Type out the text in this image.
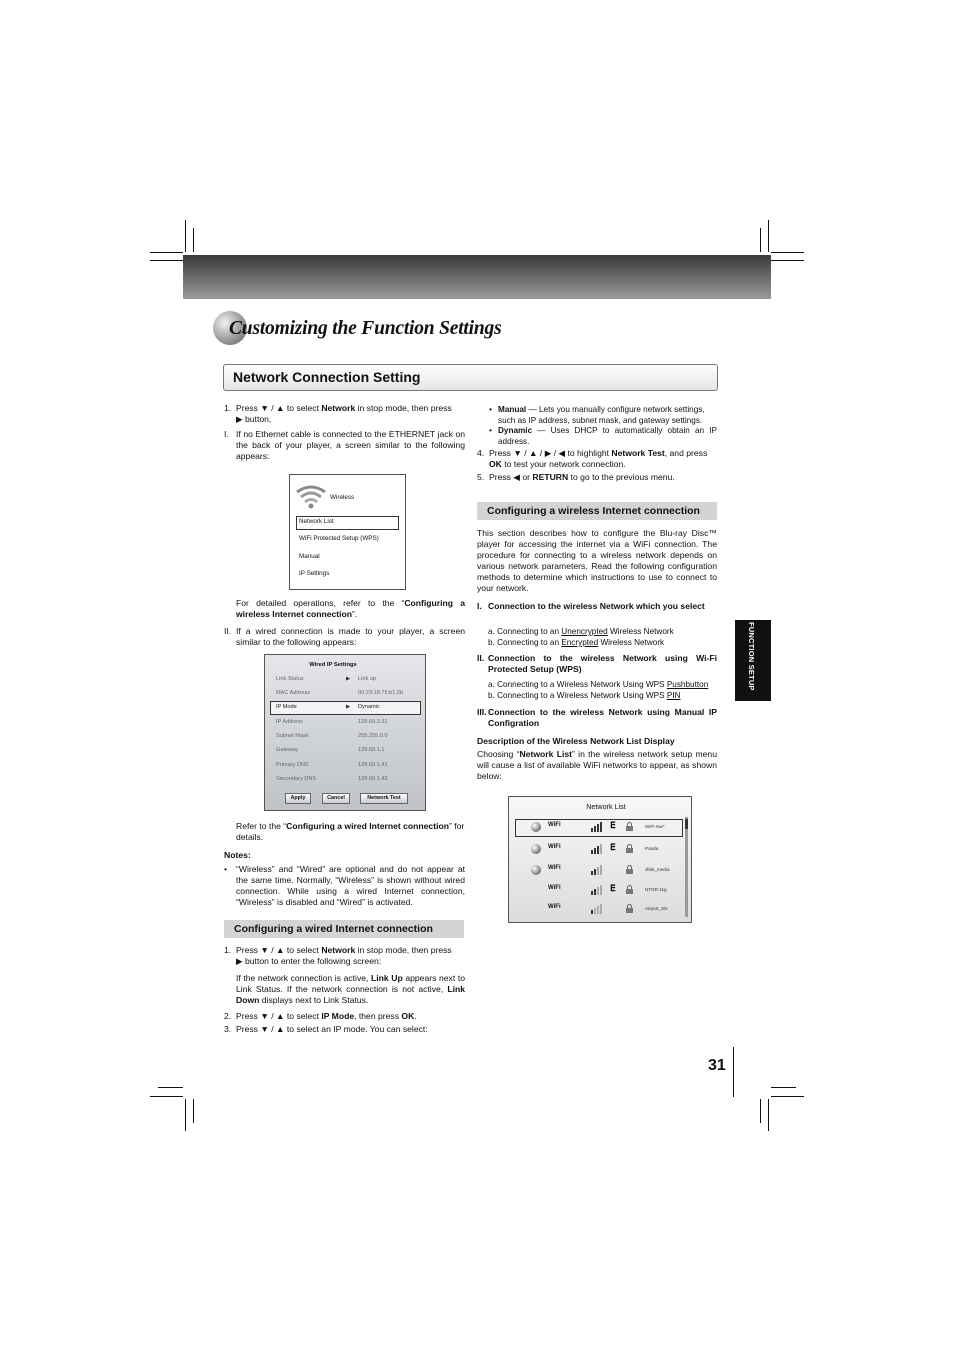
Customizing the Function Settings
Network Connection Setting
1. Press ▼ / ▲ to select Network in stop mode, then press
▶ button,
I. If no Ethernet cable is connected to the ETHERNET jack on the back of your player, a screen similar to the following appears:
Wireless
Network List
WiFi Protected Setup (WPS)
Manual
IP Settings
For detailed operations, refer to the “Configuring a wireless Internet connection”.
II. If a wired connection is made to your player, a screen similar to the following appears:
Wired IP Settings
Link Status	▶ Link up
MAC Address	00:23:18:75:b1:2b
IP Mode	▶ Dynamic
IP Address	128.60.3.31
Subnet Mask	255.255.0.0
Gateway	128.60.1.1
Primary DNS	128.60.1.41
Secondary DNS	128.60.1.42
Apply	Cancel	Network Test
Refer to the “Configuring a wired Internet connection” for details.
Notes:
• “Wireless” and “Wired” are optional and do not appear at the same time. Normally, “Wireless” is shown without wired connection. While using a wired Internet connection, “Wireless” is disabled and “Wired” is activated.
Configuring a wired Internet connection
1. Press ▼ / ▲ to select Network in stop mode, then press
▶ button to enter the following screen:
If the network connection is active, Link Up appears next to Link Status. If the network connection is not active, Link Down displays next to Link Status.
2. Press ▼ / ▲ to select IP Mode, then press OK.
3. Press ▼ / ▲ to select an IP mode. You can select:
• Manual — Lets you manually configure network settings, such as IP address, subnet mask, and gateway settings.
• Dynamic — Uses DHCP to automatically obtain an IP address.
4. Press ▼ / ▲ / ▶ / ◀ to highlight Network Test, and press
OK to test your network connection.
5. Press ◀ or RETURN to go to the previous menu.
Configuring a wireless Internet connection
This section describes how to configure the Blu-ray Disc™ player for accessing the internet via a WiFi connection. The procedure for connecting to a wireless network depends on various network parameters. Read the following configuration methods to determine which instructions to use to connect to your network.
I. Connection to the wireless Network which you select
a. Connecting to an Unencrypted Wireless Network
b. Connecting to an Encrypted Wireless Network
II. Connection to the wireless Network using Wi-Fi Protected Setup (WPS)
a. Connecting to a Wireless Network Using WPS Pushbutton
b. Connecting to a Wireless Network Using WPS PIN
III. Connection to the wireless Network using Manual IP Configration
Description of the Wireless Network List Display
Choosing “Network List” in the wireless network setup menu will cause a list of available WiFi networks to appear, as shown below:
Network List
WiFi	ⴹ	WiFi-rsw*
WiFi	ⴹ	Panda
WiFi	dlink_media
WiFi	ⴹ	NTGR 11g
WiFi	Airport_SN
FUNCTION SETUP
31
